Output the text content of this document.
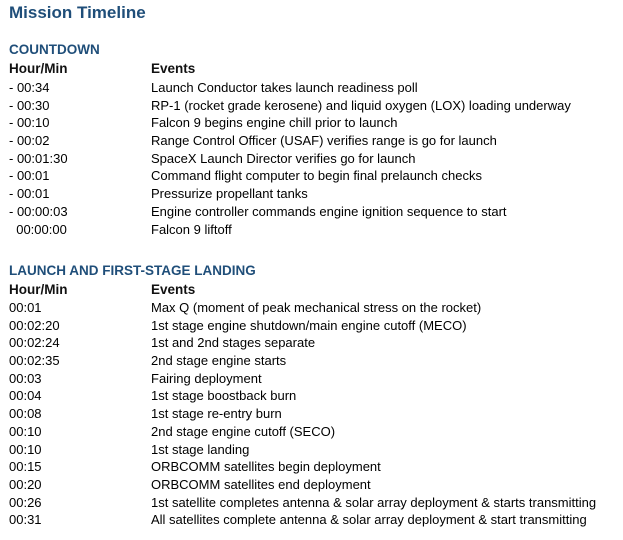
Mission Timeline
COUNTDOWN
Hour/Min	Events
- 00:34	Launch Conductor takes launch readiness poll
- 00:30	RP-1 (rocket grade kerosene) and liquid oxygen (LOX) loading underway
- 00:10	Falcon 9 begins engine chill prior to launch
- 00:02	Range Control Officer (USAF) verifies range is go for launch
- 00:01:30	SpaceX Launch Director verifies go for launch
- 00:01	Command flight computer to begin final prelaunch checks
- 00:01	Pressurize propellant tanks
- 00:00:03	Engine controller commands engine ignition sequence to start
00:00:00	Falcon 9 liftoff
LAUNCH AND FIRST-STAGE LANDING
Hour/Min	Events
00:01	Max Q (moment of peak mechanical stress on the rocket)
00:02:20	1st stage engine shutdown/main engine cutoff (MECO)
00:02:24	1st and 2nd stages separate
00:02:35	2nd stage engine starts
00:03	Fairing deployment
00:04	1st stage boostback burn
00:08	1st stage re-entry burn
00:10	2nd stage engine cutoff (SECO)
00:10	1st stage landing
00:15	ORBCOMM satellites begin deployment
00:20	ORBCOMM satellites end deployment
00:26	1st satellite completes antenna & solar array deployment & starts transmitting
00:31	All satellites complete antenna & solar array deployment & start transmitting
